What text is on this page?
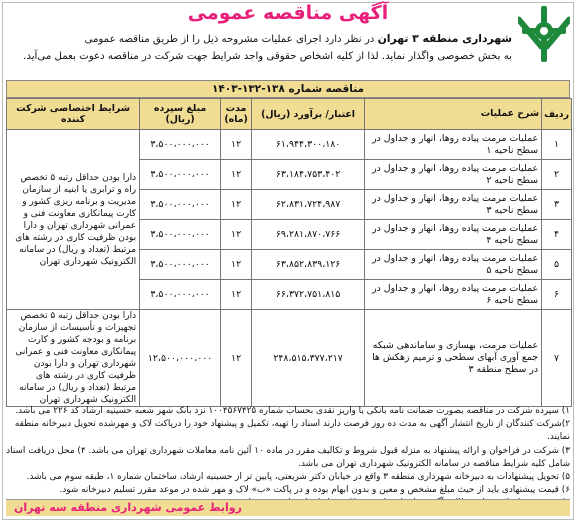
آگهی مناقصه عمومی
شهرداری منطقه ۳ تهران در نظر دارد اجرای عملیات مشروحه ذیل را از طریق مناقصه عمومی
به بخش خصوصی واگذار نماید. لذا از کلیه اشخاص حقوقی واجد شرایط جهت شرکت در مناقصه دعوت بعمل می‌آید.
مناقصه شماره ۱۳۸-۱۳۲-۱۴۰۳
ردیف	شرح عملیات	اعتبار/ برآورد (ریال)	مدت (ماه)	مبلغ سپرده (ریال)	شرایط اختصاصی شرکت کننده
۱	عملیات مرمت پیاده روها، انهار و جداول در سطح ناحیه ۱	۶۱،۹۴۴،۳۰۰،۱۸۰	۱۲	۳،۵۰۰،۰۰۰،۰۰۰	دارا بودن حداقل رتبه ۵ تخصص راه و ترابری یا ابنیه از سازمان مدیریت و برنامه ریزی کشور و کارت پیمانکاری معاونت فنی و عمرانی شهرداری تهران و دارا بودن ظرفیت کاری در رشته های مرتبط (تعداد و ریال) در سامانه الکترونیک شهرداری تهران
۲	عملیات مرمت پیاده روها، انهار و جداول در سطح ناحیه ۲	۶۳،۱۸۴،۷۵۳،۴۰۲	۱۲	۳،۵۰۰،۰۰۰،۰۰۰	
۳	عملیات مرمت پیاده روها، انهار و جداول در سطح ناحیه ۳	۶۲،۸۳۱،۷۲۴،۹۸۷	۱۲	۳،۵۰۰،۰۰۰،۰۰۰	
۴	عملیات مرمت پیاده روها، انهار و جداول در سطح ناحیه ۴	۶۹،۲۸۱،۸۷۰،۷۶۶	۱۲	۳،۵۰۰،۰۰۰،۰۰۰	
۵	عملیات مرمت پیاده روها، انهار و جداول در سطح ناحیه ۵	۶۳،۸۵۲،۸۳۹،۱۲۶	۱۲	۳،۵۰۰،۰۰۰،۰۰۰	
۶	عملیات مرمت پیاده روها، انهار و جداول در سطح ناحیه ۶	۶۶،۳۷۲،۷۵۱،۸۱۵	۱۲	۳،۵۰۰،۰۰۰،۰۰۰	
۷	عملیات مرمت، بهسازی و ساماندهی شبکه جمع آوری آبهای سطحی و ترمیم زهکش ها در سطح منطقه ۳	۲۴۸،۵۱۵،۳۷۷،۲۱۷	۱۲	۱۲،۵۰۰،۰۰۰،۰۰۰	دارا بودن حداقل رتبه ۵ تخصص تجهیزات و تأسیسات از سازمان برنامه و بودجه کشور و کارت پیمانکاری معاونت فنی و عمرانی شهرداری تهران و دارا بودن ظرفیت کاری در رشته های مرتبط (تعداد و ریال) در سامانه الکترونیک شهرداری تهران
۱) سپرده شرکت در مناقصه بصورت ضمانت نامه بانکی یا واریز نقدی بحساب شماره ۱۰۰۴۵۶۷۴۲۵ نزد بانک شهر شعبه حسینیه ارشاد کد ۲۲۶ می باشد.
۲)شرکت کنندگان از تاریخ انتشار آگهی به مدت ده روز فرصت دارند اسناد را تهیه، تکمیل و پیشنهاد خود را درپاکت لاک و مهرشده تحویل دبیرخانه منطقه نمایند.
۳) شرکت در فراخوان و ارائه پیشنهاد به منزله قبول شروط و تکالیف مقرر در ماده ۱۰ آئین نامه معاملات شهرداری تهران می باشد. ۴) محل دریافت اسناد شامل کلیه شرایط مناقصه در سامانه الکترونیک شهرداری تهران می باشد.
۵) تحویل پیشنهادات به دبیرخانه شهرداری منطقه ۳ واقع در خیابان دکتر شریعتی، پایین تر از حسینیه ارشاد، ساختمان شماره ۱، طبقه سوم می باشد.
۶) قیمت پیشنهادی باید از حیث مبلغ مشخص و معین و بدون ابهام بوده و در پاکت «ب» لاک و مهر شده در موعد مقرر تسلیم دبیرخانه شود.
روابط عمومی شهرداری منطقه سه تهران
